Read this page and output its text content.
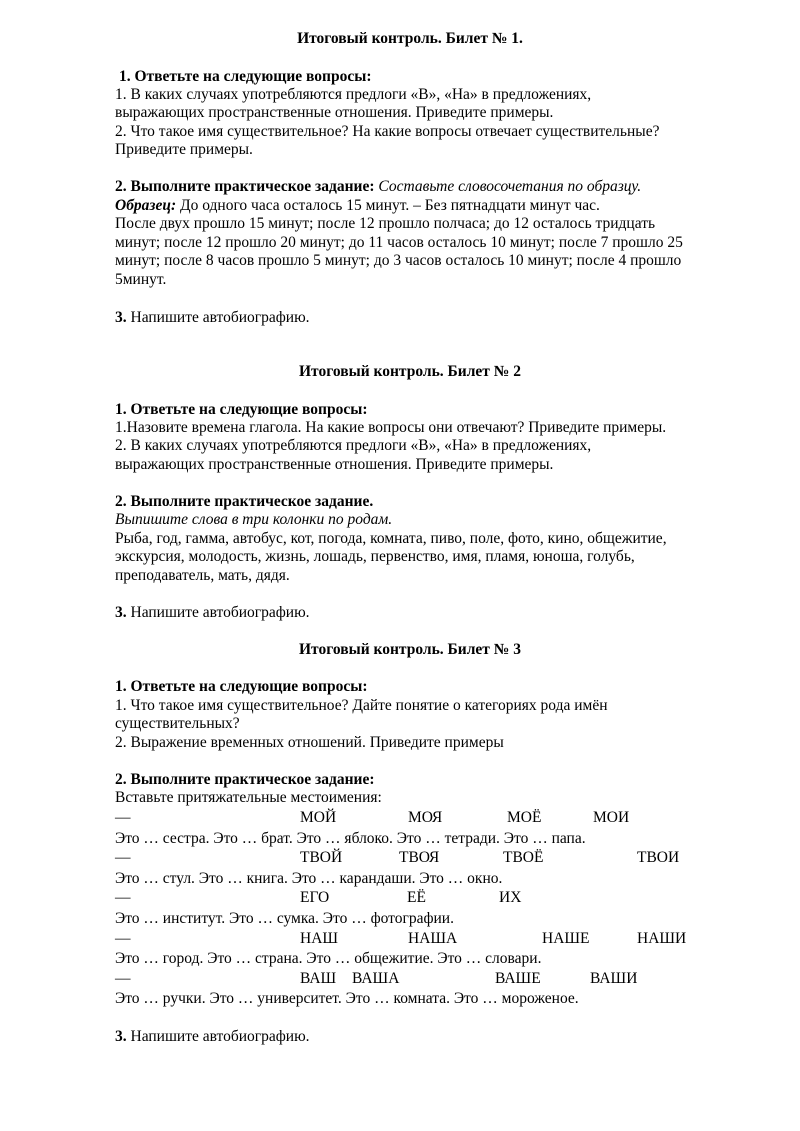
Итоговый контроль. Билет № 1.
1. Ответьте на следующие вопросы:
1. В каких случаях употребляются предлоги «В», «На» в предложениях,
выражающих пространственные отношения. Приведите примеры.
2. Что такое имя существительное? На какие вопросы отвечает существительные?
Приведите примеры.
2. Выполните практическое задание: Составьте словосочетания по образцу.
Образец: До одного часа осталось 15 минут. – Без пятнадцати минут час.
После двух прошло 15 минут; после 12 прошло полчаса; до 12 осталось тридцать
минут; после 12 прошло 20 минут; до 11 часов осталось 10 минут; после 7 прошло 25
минут; после 8 часов прошло 5 минут; до 3 часов осталось 10 минут; после 4 прошло
5минут.
3. Напишите автобиографию.
Итоговый контроль. Билет № 2
1. Ответьте на следующие вопросы:
1.Назовите времена глагола. На какие вопросы они отвечают? Приведите примеры.
2. В каких случаях употребляются предлоги «В», «На» в предложениях,
выражающих пространственные отношения. Приведите примеры.
2. Выполните практическое задание.
Выпишите слова в три колонки по родам.
Рыба, год, гамма, автобус, кот, погода, комната, пиво, поле, фото, кино, общежитие,
экскурсия, молодость, жизнь, лошадь, первенство, имя, пламя, юноша, голубь,
преподаватель, мать, дядя.
3. Напишите автобиографию.
Итоговый контроль. Билет № 3
1. Ответьте на следующие вопросы:
1. Что такое имя существительное? Дайте понятие о категориях рода имён
существительных?
2. Выражение временных отношений. Приведите примеры
2. Выполните практическое задание:
Вставьте притяжательные местоимения:
—	МОЙ	МОЯ	МОЁ	МОИ
Это … сестра. Это … брат. Это … яблоко. Это … тетради. Это … папа.
—	ТВОЙ	ТВОЯ	ТВОЁ	ТВОИ
Это … стул. Это … книга. Это … карандаши. Это … окно.
—	ЕГО	ЕЁ	ИХ
Это … институт. Это … сумка. Это … фотографии.
—	НАШ	НАША	НАШЕ	НАШИ
Это … город. Это … страна. Это … общежитие. Это … словари.
—	ВАШ ВАША	ВАШЕ	ВАШИ
Это … ручки. Это … университет. Это … комната. Это … мороженое.
3. Напишите автобиографию.
